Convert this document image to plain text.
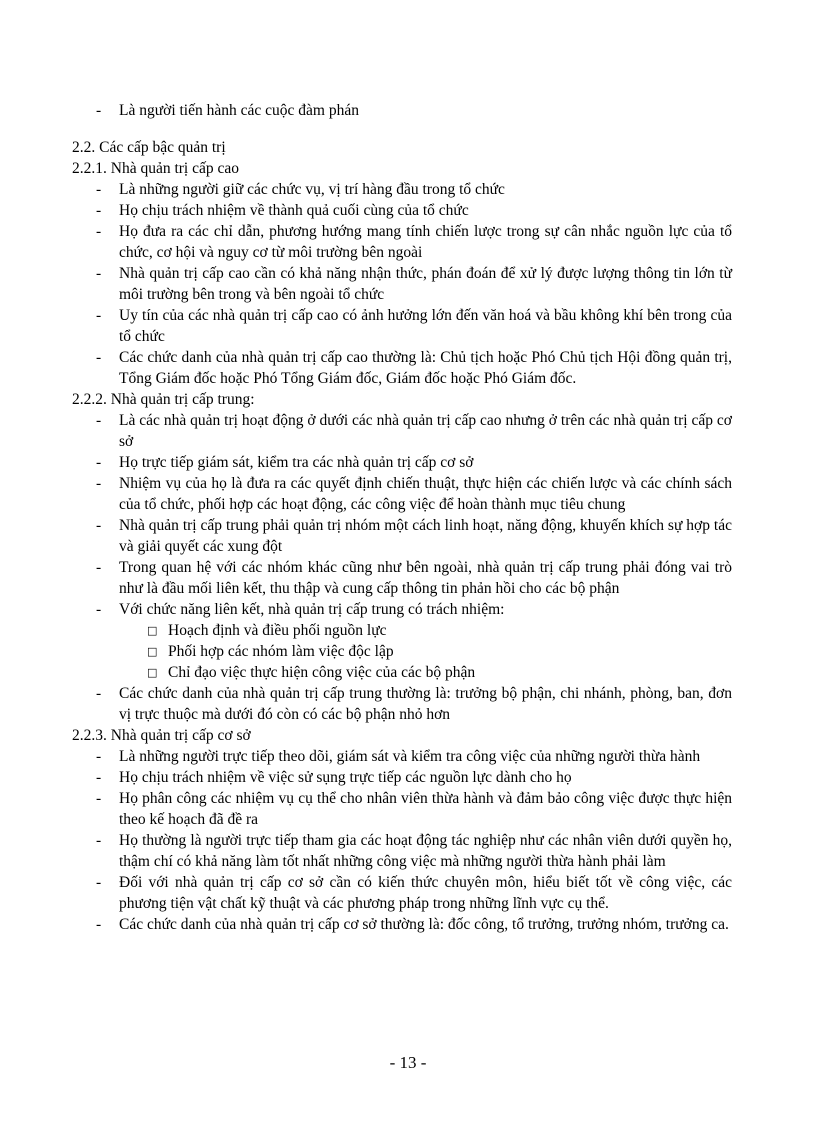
- Là người tiến hành các cuộc đàm phán

2.2. Các cấp bậc quản trị

2.2.1. Nhà quản trị cấp cao

- Là những người giữ các chức vụ, vị trí hàng đầu trong tổ chức
- Họ chịu trách nhiệm về thành quả cuối cùng của tổ chức
- Họ đưa ra các chỉ dẫn, phương hướng mang tính chiến lược trong sự cân nhắc nguồn lực của tổ chức, cơ hội và nguy cơ từ môi trường bên ngoài
- Nhà quản trị cấp cao cần có khả năng nhận thức, phán đoán để xử lý được lượng thông tin lớn từ môi trường bên trong và bên ngoài tổ chức
- Uy tín của các nhà quản trị cấp cao có ảnh hưởng lớn đến văn hoá và bầu không khí bên trong của tổ chức
- Các chức danh của nhà quản trị cấp cao thường là: Chủ tịch hoặc Phó Chủ tịch Hội đồng quản trị, Tổng Giám đốc hoặc Phó Tổng Giám đốc, Giám đốc hoặc Phó Giám đốc.

2.2.2. Nhà quản trị cấp trung:

- Là các nhà quản trị hoạt động ở dưới các nhà quản trị cấp cao nhưng ở trên các nhà quản trị cấp cơ sở
- Họ trực tiếp giám sát, kiểm tra các nhà quản trị cấp cơ sở
- Nhiệm vụ của họ là đưa ra các quyết định chiến thuật, thực hiện các chiến lược và các chính sách của tổ chức, phối hợp các hoạt động, các công việc để hoàn thành mục tiêu chung
- Nhà quản trị cấp trung phải quản trị nhóm một cách linh hoạt, năng động, khuyến khích sự hợp tác và giải quyết các xung đột
- Trong quan hệ với các nhóm khác cũng như bên ngoài, nhà quản trị cấp trung phải đóng vai trò như là đầu mối liên kết, thu thập và cung cấp thông tin phản hồi cho các bộ phận
- Với chức năng liên kết, nhà quản trị cấp trung có trách nhiệm:
□ Hoạch định và điều phối nguồn lực
□ Phối hợp các nhóm làm việc độc lập
□ Chỉ đạo việc thực hiện công việc của các bộ phận
- Các chức danh của nhà quản trị cấp trung thường là: trưởng bộ phận, chi nhánh, phòng, ban, đơn vị trực thuộc mà dưới đó còn có các bộ phận nhỏ hơn

2.2.3. Nhà quản trị cấp cơ sở

- Là những người trực tiếp theo dõi, giám sát và kiểm tra công việc của những người thừa hành
- Họ chịu trách nhiệm về việc sử sụng trực tiếp các nguồn lực dành cho họ
- Họ phân công các nhiệm vụ cụ thể cho nhân viên thừa hành và đảm bảo công việc được thực hiện theo kế hoạch đã đề ra
- Họ thường là người trực tiếp tham gia các hoạt động tác nghiệp như các nhân viên dưới quyền họ, thậm chí có khả năng làm tốt nhất những công việc mà những người thừa hành phải làm
- Đối với nhà quản trị cấp cơ sở cần có kiến thức chuyên môn, hiểu biết tốt về công việc, các phương tiện vật chất kỹ thuật và các phương pháp trong những lĩnh vực cụ thể.
- Các chức danh của nhà quản trị cấp cơ sở thường là: đốc công, tổ trưởng, trưởng nhóm, trưởng ca.
- 13 -
